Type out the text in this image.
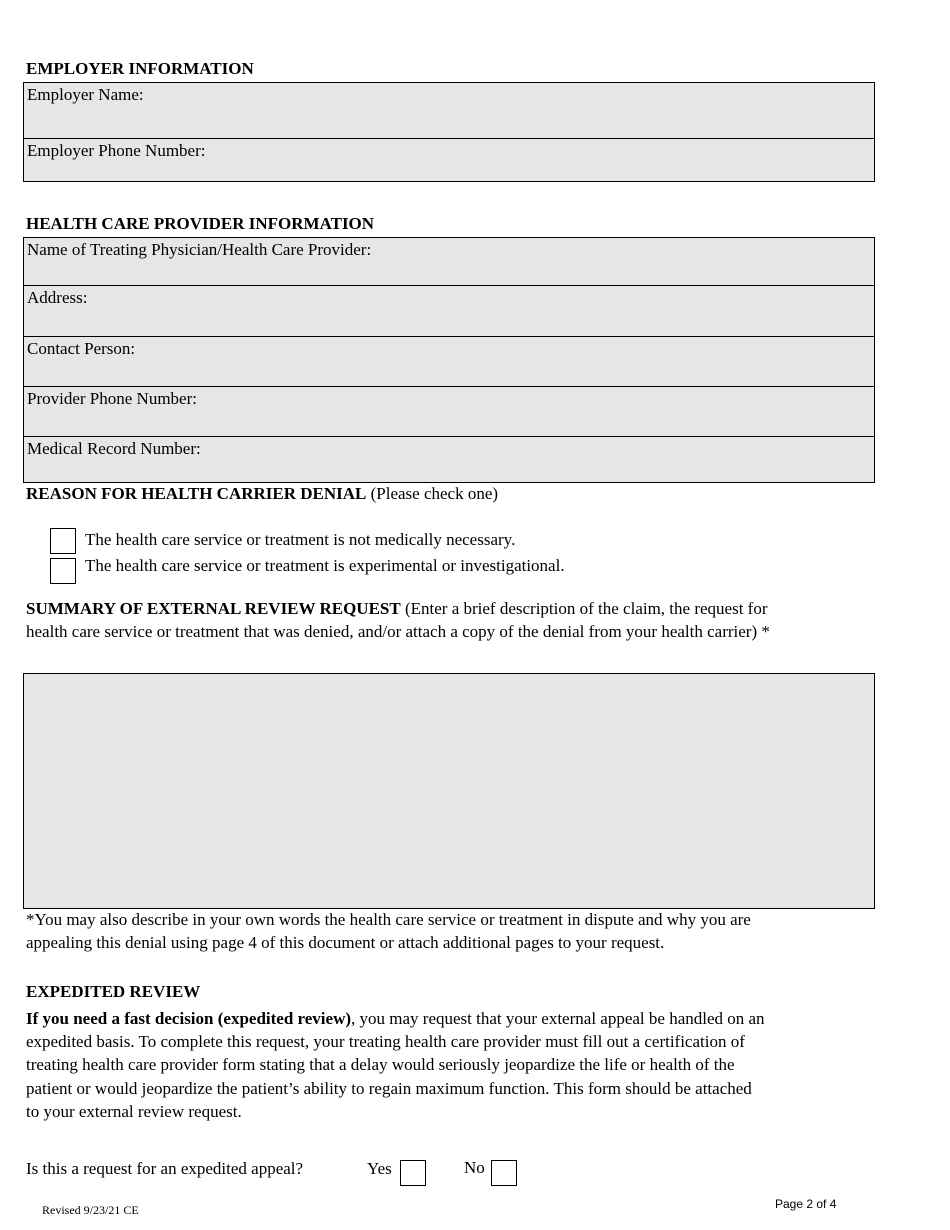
EMPLOYER INFORMATION
Employer Name:
Employer Phone Number:
HEALTH CARE PROVIDER INFORMATION
Name of Treating Physician/Health Care Provider:
Address:
Contact Person:
Provider Phone Number:
Medical Record Number:
REASON FOR HEALTH CARRIER DENIAL (Please check one)
The health care service or treatment is not medically necessary.
The health care service or treatment is experimental or investigational.
SUMMARY OF EXTERNAL REVIEW REQUEST (Enter a brief description of the claim, the request for
health care service or treatment that was denied, and/or attach a copy of the denial from your health carrier) *
*You may also describe in your own words the health care service or treatment in dispute and why you are
appealing this denial using page 4 of this document or attach additional pages to your request.
EXPEDITED REVIEW
If you need a fast decision (expedited review), you may request that your external appeal be handled on an
expedited basis. To complete this request, your treating health care provider must fill out a certification of
treating health care provider form stating that a delay would seriously jeopardize the life or health of the
patient or would jeopardize the patient’s ability to regain maximum function. This form should be attached
to your external review request.
Is this a request for an expedited appeal?	Yes	No
Revised 9/23/21 CE	Page 2 of 4
